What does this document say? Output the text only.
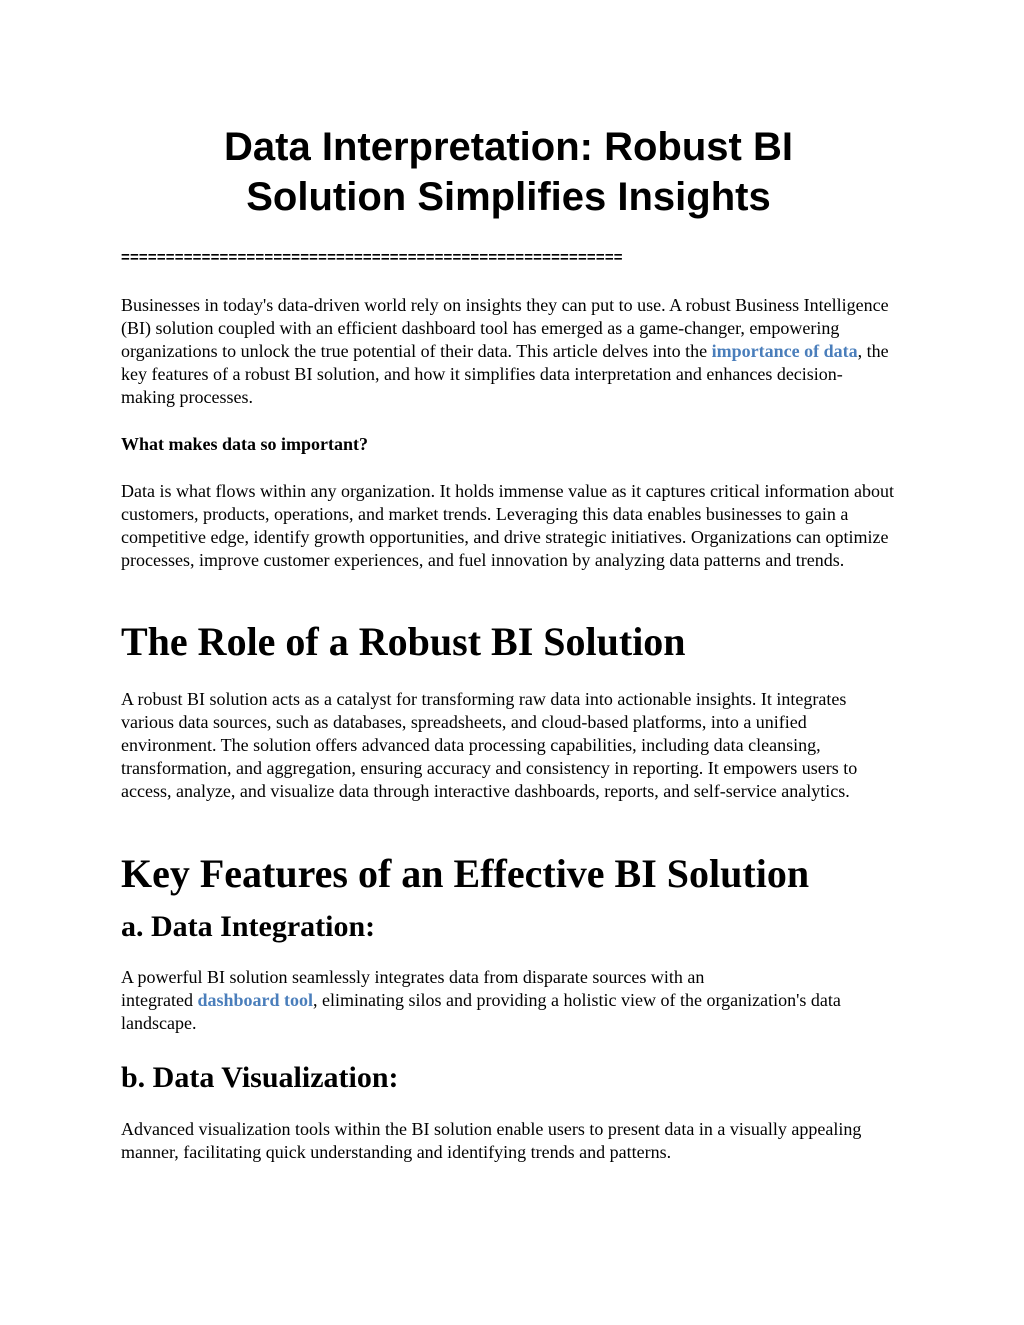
Data Interpretation: Robust BI
Solution Simplifies Insights
========================================================

Businesses in today's data-driven world rely on insights they can put to use. A robust Business Intelligence (BI) solution coupled with an efficient dashboard tool has emerged as a game-changer, empowering organizations to unlock the true potential of their data. This article delves into the importance of data, the key features of a robust BI solution, and how it simplifies data interpretation and enhances decision-making processes.

What makes data so important?

Data is what flows within any organization. It holds immense value as it captures critical information about customers, products, operations, and market trends. Leveraging this data enables businesses to gain a competitive edge, identify growth opportunities, and drive strategic initiatives. Organizations can optimize processes, improve customer experiences, and fuel innovation by analyzing data patterns and trends.

The Role of a Robust BI Solution

A robust BI solution acts as a catalyst for transforming raw data into actionable insights. It integrates various data sources, such as databases, spreadsheets, and cloud-based platforms, into a unified environment. The solution offers advanced data processing capabilities, including data cleansing, transformation, and aggregation, ensuring accuracy and consistency in reporting. It empowers users to access, analyze, and visualize data through interactive dashboards, reports, and self-service analytics.

Key Features of an Effective BI Solution
a. Data Integration:

A powerful BI solution seamlessly integrates data from disparate sources with an
integrated dashboard tool, eliminating silos and providing a holistic view of the organization's data landscape.

b. Data Visualization:

Advanced visualization tools within the BI solution enable users to present data in a visually appealing manner, facilitating quick understanding and identifying trends and patterns.
